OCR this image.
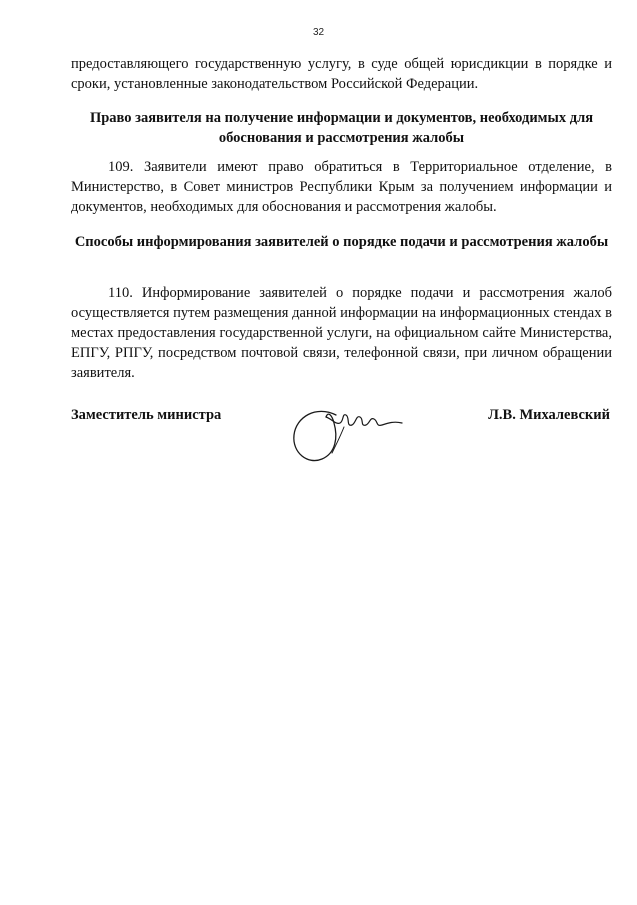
32
предоставляющего государственную услугу, в суде общей юрисдикции в порядке и сроки, установленные законодательством Российской Федерации.
Право заявителя на получение информации и документов, необходимых для обоснования и рассмотрения жалобы
109. Заявители имеют право обратиться в Территориальное отделение, в Министерство, в Совет министров Республики Крым за получением информации и документов, необходимых для обоснования и рассмотрения жалобы.
Способы информирования заявителей о порядке подачи и рассмотрения жалобы
110. Информирование заявителей о порядке подачи и рассмотрения жалоб осуществляется путем размещения данной информации на информационных стендах в местах предоставления государственной услуги, на официальном сайте Министерства, ЕПГУ, РПГУ, посредством почтовой связи, телефонной связи, при личном обращении заявителя.
Заместитель министра	Л.В. Михалевский
